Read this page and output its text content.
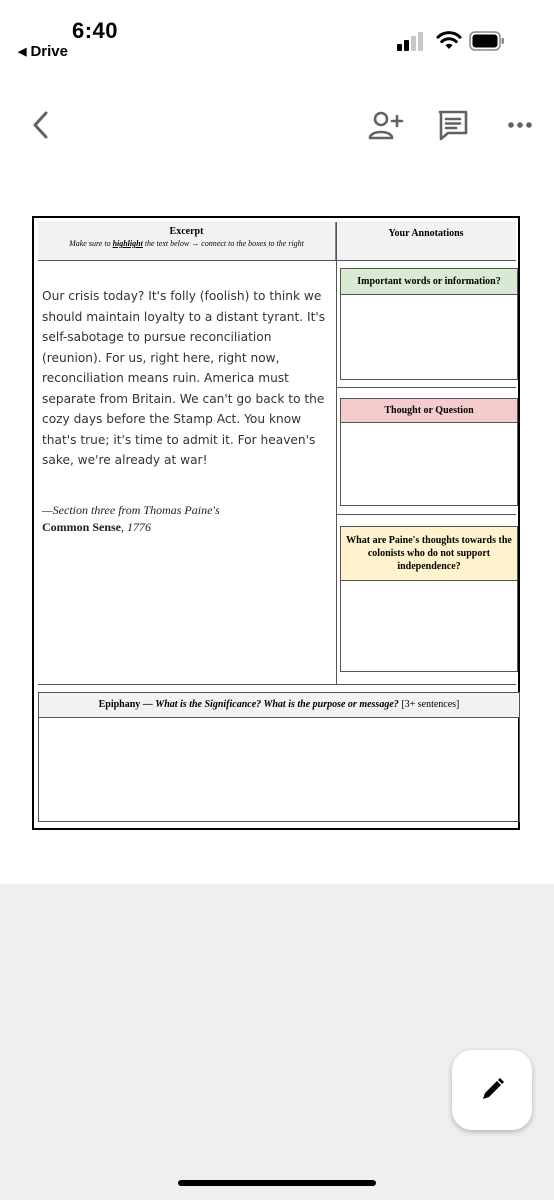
6:40
◀ Drive
Excerpt
Make sure to highlight the text below → connect to the boxes to the right
Your Annotations
Our crisis today? It's folly (foolish) to think we should maintain loyalty to a distant tyrant. It's self-sabotage to pursue reconciliation (reunion). For us, right here, right now, reconciliation means ruin. America must separate from Britain. We can't go back to the cozy days before the Stamp Act. You know that's true; it's time to admit it. For heaven's sake, we're already at war!
—Section three from Thomas Paine's
Common Sense, 1776
Important words or information?
Thought or Question
What are Paine's thoughts towards the colonists who do not support independence?
Epiphany — What is the Significance? What is the purpose or message? [3+ sentences]
